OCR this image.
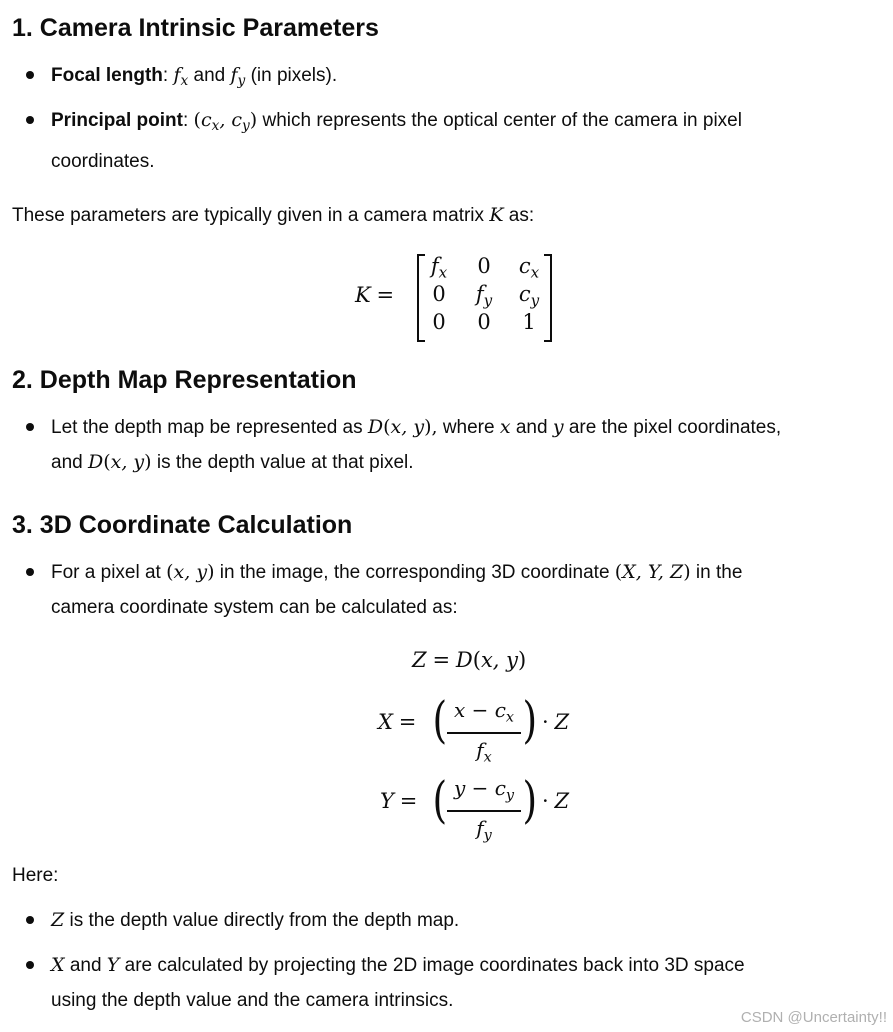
1. Camera Intrinsic Parameters
Focal length: $f_x$ and $f_y$ (in pixels).
Principal point: ($c_x$, $c_y$) which represents the optical center of the camera in pixel
coordinates.
These parameters are typically given in a camera matrix K as:
K =
$f_x$	0	$c_x$
0	$f_y$	$c_y$
0	0	1
2. Depth Map Representation
Let the depth map be represented as D(x, y), where x and y are the pixel coordinates,
and D(x, y) is the depth value at that pixel.
3. 3D Coordinate Calculation
For a pixel at (x, y) in the image, the corresponding 3D coordinate (X, Y, Z) in the
camera coordinate system can be calculated as:
Z = D(x, y)
X = ( $x - c_x$
$f_x$
) · Z
Y = ( $y - c_y$
$f_y$
) · Z
Here:
Z is the depth value directly from the depth map.
X and Y are calculated by projecting the 2D image coordinates back into 3D space
using the depth value and the camera intrinsics.
CSDN @Uncertainty!!
